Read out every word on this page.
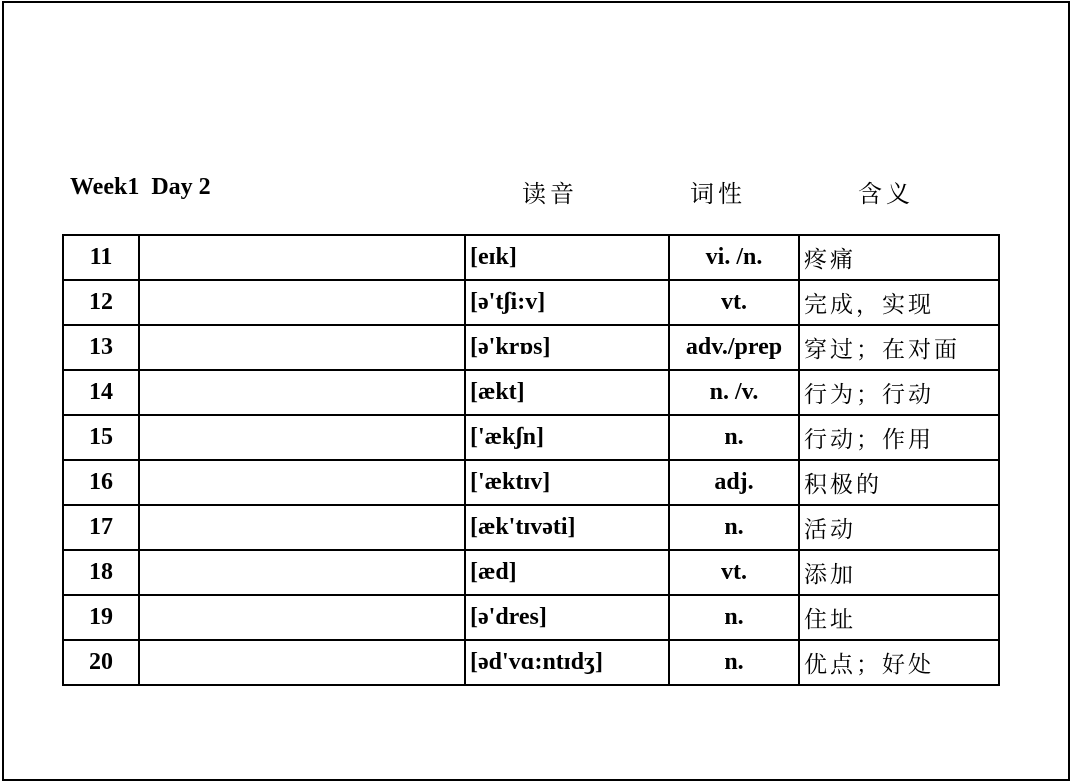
Week1  Day 2	读音	词性	含义
11		[eɪk]	vi. /n.	疼痛
12		[ə'tʃi:v]	vt.	完成，实现
13		[ə'krɒs]	adv./prep	穿过；在对面
14		[ækt]	n. /v.	行为；行动
15		['ækʃn]	n.	行动；作用
16		['æktɪv]	adj.	积极的
17		[æk'tɪvəti]	n.	活动
18		[æd]	vt.	添加
19		[ə'dres]	n.	住址
20		[əd'vɑ:ntɪdʒ]	n.	优点；好处
